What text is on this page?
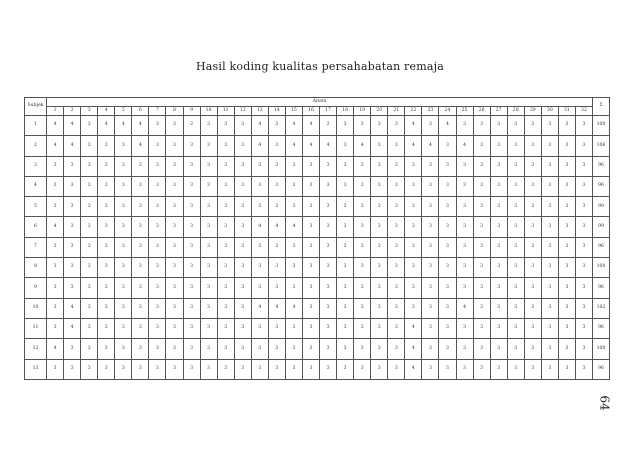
Hasil koding kualitas persahabatan remaja
Subjek	Aitem																																Σ
	1	2	3	4	5	6	7	8	9	10	11	12	13	14	15	16	17	18	19	20	21	22	23	24	25	26	27	28	29	30	31	32	
1	4	4	3	4	4	4	3	3	2	3	3	3	4	3	4	4	2	3	3	3	3	4	3	4	3	3	3	3	3	3	3	3	100
2	4	4	3	3	3	4	3	3	3	3	3	3	4	3	4	4	4	3	4	3	3	4	4	3	4	3	3	3	3	3	3	3	106
3	3	3	3	3	3	3	3	3	3	3	3	3	3	3	3	3	3	3	3	3	3	3	3	3	3	3	3	3	3	3	3	3	96
4	3	3	3	3	3	3	3	3	3	3	3	3	3	3	3	3	3	3	3	3	3	3	3	3	3	3	3	3	3	3	3	3	96
5	3	3	3	3	3	3	3	3	3	3	3	3	3	3	3	3	3	3	3	3	3	3	3	3	3	3	3	3	3	3	3	3	99
6	4	3	3	3	3	3	3	3	3	3	3	3	4	4	4	3	3	3	3	3	3	3	3	3	3	3	3	3	3	3	3	3	99
7	3	3	3	3	3	3	3	3	3	3	3	3	3	3	3	3	3	3	3	3	3	3	3	3	3	3	3	3	3	3	3	3	96
8	3	3	3	3	3	3	3	3	3	3	3	3	3	3	3	3	3	3	3	3	3	3	3	3	3	3	3	3	3	3	3	3	100
9	3	3	3	3	3	3	3	3	3	3	3	3	3	3	3	3	3	3	3	3	3	3	3	3	3	3	3	3	3	3	3	3	96
10	3	4	3	3	3	3	3	3	3	3	3	3	4	4	4	3	3	3	3	3	3	3	3	3	4	3	3	3	3	3	3	3	102
11	3	4	3	3	3	3	3	3	3	3	3	3	3	3	3	3	3	3	3	3	3	4	3	3	3	3	3	3	3	3	3	3	96
12	4	3	3	3	3	3	3	3	3	3	3	3	3	3	3	3	3	3	3	3	3	4	3	3	3	3	3	3	3	3	3	3	100
13	3	3	3	3	3	3	3	3	3	3	3	3	3	3	3	3	3	3	3	3	3	4	3	3	3	3	3	3	3	3	3	3	96
64
